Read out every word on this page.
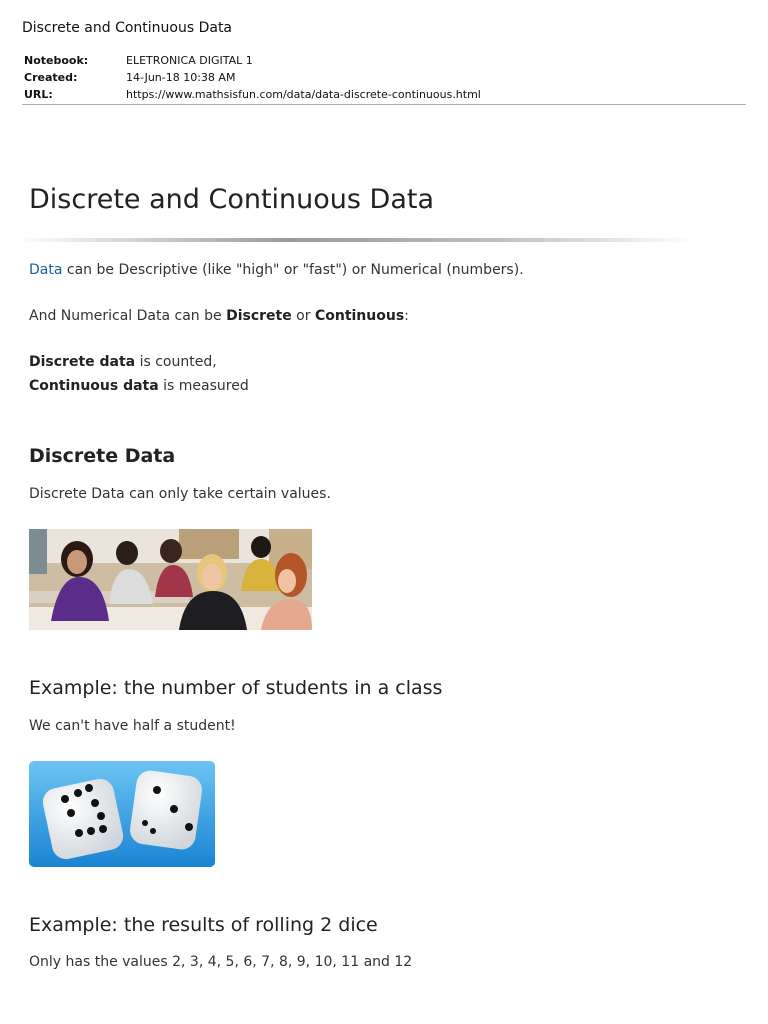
Discrete and Continuous Data
Notebook:	ELETRONICA DIGITAL 1
Created:	14-Jun-18 10:38 AM
URL:	https://www.mathsisfun.com/data/data-discrete-continuous.html
Discrete and Continuous Data

Data can be Descriptive (like "high" or "fast") or Numerical (numbers).

And Numerical Data can be Discrete or Continuous:

Discrete data is counted,

Continuous data is measured

Discrete Data

Discrete Data can only take certain values.

Example: the number of students in a class

We can't have half a student!

Example: the results of rolling 2 dice

Only has the values 2, 3, 4, 5, 6, 7, 8, 9, 10, 11 and 12
